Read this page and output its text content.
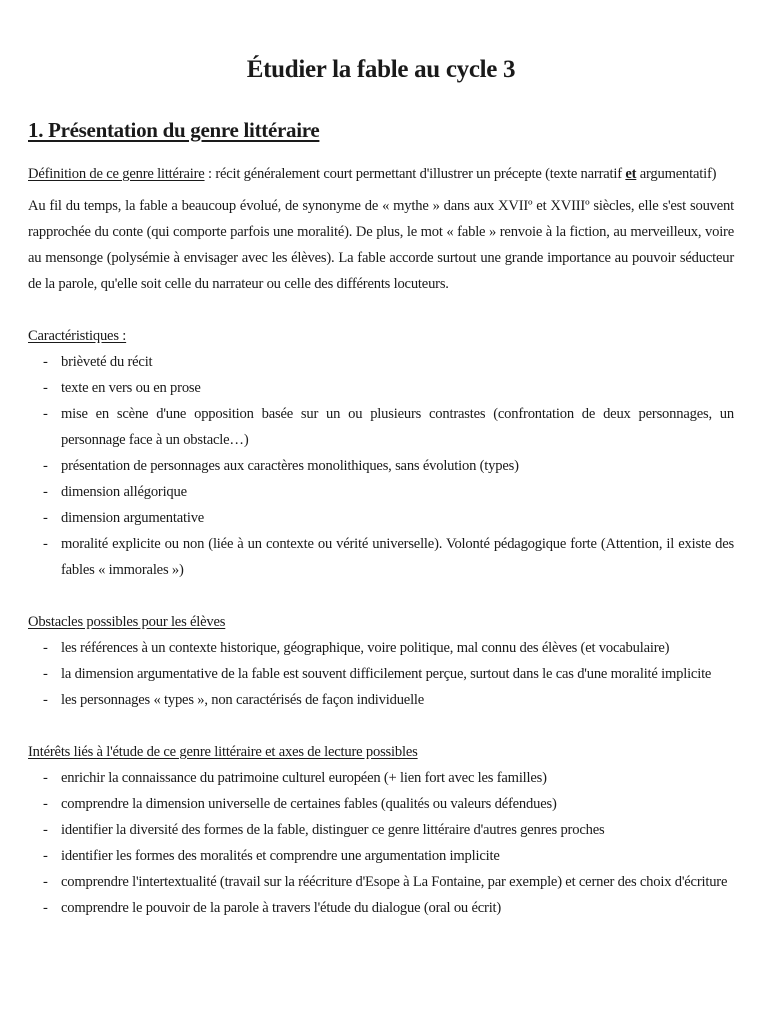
Étudier la fable au cycle 3
1. Présentation du genre littéraire

Définition de ce genre littéraire : récit généralement court permettant d'illustrer un précepte (texte narratif et argumentatif)

Au fil du temps, la fable a beaucoup évolué, de synonyme de « mythe » dans aux XVIIº et XVIIIº siècles, elle s'est souvent rapprochée du conte (qui comporte parfois une moralité). De plus, le mot « fable » renvoie à la fiction, au merveilleux, voire au mensonge (polysémie à envisager avec les élèves). La fable accorde surtout une grande importance au pouvoir séducteur de la parole, qu'elle soit celle du narrateur ou celle des différents locuteurs.

Caractéristiques :

- brièveté du récit
- texte en vers ou en prose
- mise en scène d'une opposition basée sur un ou plusieurs contrastes (confrontation de deux personnages, un personnage face à un obstacle…)
- présentation de personnages aux caractères monolithiques, sans évolution (types)
- dimension allégorique
- dimension argumentative
- moralité explicite ou non (liée à un contexte ou vérité universelle). Volonté pédagogique forte (Attention, il existe des fables « immorales »)

Obstacles possibles pour les élèves

- les références à un contexte historique, géographique, voire politique, mal connu des élèves (et vocabulaire)
- la dimension argumentative de la fable est souvent difficilement perçue, surtout dans le cas d'une moralité implicite
- les personnages « types », non caractérisés de façon individuelle

Intérêts liés à l'étude de ce genre littéraire et axes de lecture possibles

- enrichir la connaissance du patrimoine culturel européen (+ lien fort avec les familles)
- comprendre la dimension universelle de certaines fables (qualités ou valeurs défendues)
- identifier la diversité des formes de la fable, distinguer ce genre littéraire d'autres genres proches
- identifier les formes des moralités et comprendre une argumentation implicite
- comprendre l'intertextualité (travail sur la réécriture d'Esope à La Fontaine, par exemple) et cerner des choix d'écriture
- comprendre le pouvoir de la parole à travers l'étude du dialogue (oral ou écrit)
